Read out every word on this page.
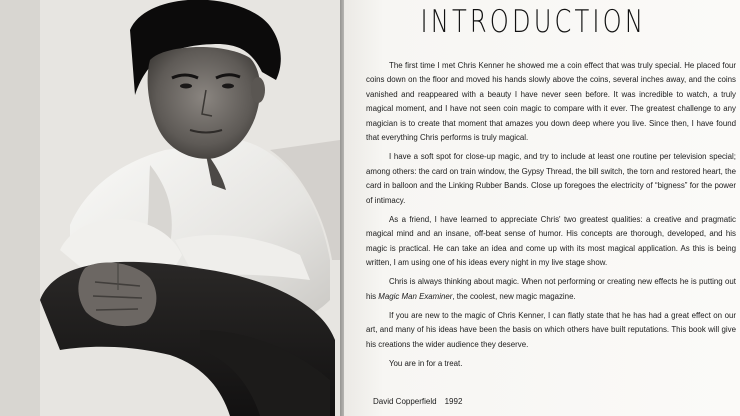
INTRODUCTION

The first time I met Chris Kenner he showed me a coin effect that was truly special. He placed four coins down on the floor and moved his hands slowly above the coins, several inches away, and the coins vanished and reappeared with a beauty I have never seen before. It was incredible to watch, a truly magical moment, and I have not seen coin magic to compare with it ever. The greatest challenge to any magician is to create that moment that amazes you down deep where you live. Since then, I have found that everything Chris performs is truly magical.

I have a soft spot for close-up magic, and try to include at least one routine per television special; among others: the card on train window, the Gypsy Thread, the bill switch, the torn and restored heart, the card in balloon and the Linking Rubber Bands. Close up foregoes the electricity of “bigness” for the power of intimacy.

As a friend, I have learned to appreciate Chris' two greatest qualities: a creative and pragmatic magical mind and an insane, off-beat sense of humor. His concepts are thorough, developed, and his magic is practical. He can take an idea and come up with its most magical application. As this is being written, I am using one of his ideas every night in my live stage show.

Chris is always thinking about magic. When not performing or creating new effects he is putting out his Magic Man Examiner, the coolest, new magic magazine.

If you are new to the magic of Chris Kenner, I can flatly state that he has had a great effect on our art, and many of his ideas have been the basis on which others have built reputations. This book will give his creations the wider audience they deserve.

You are in for a treat.

David Copperfield 1992
